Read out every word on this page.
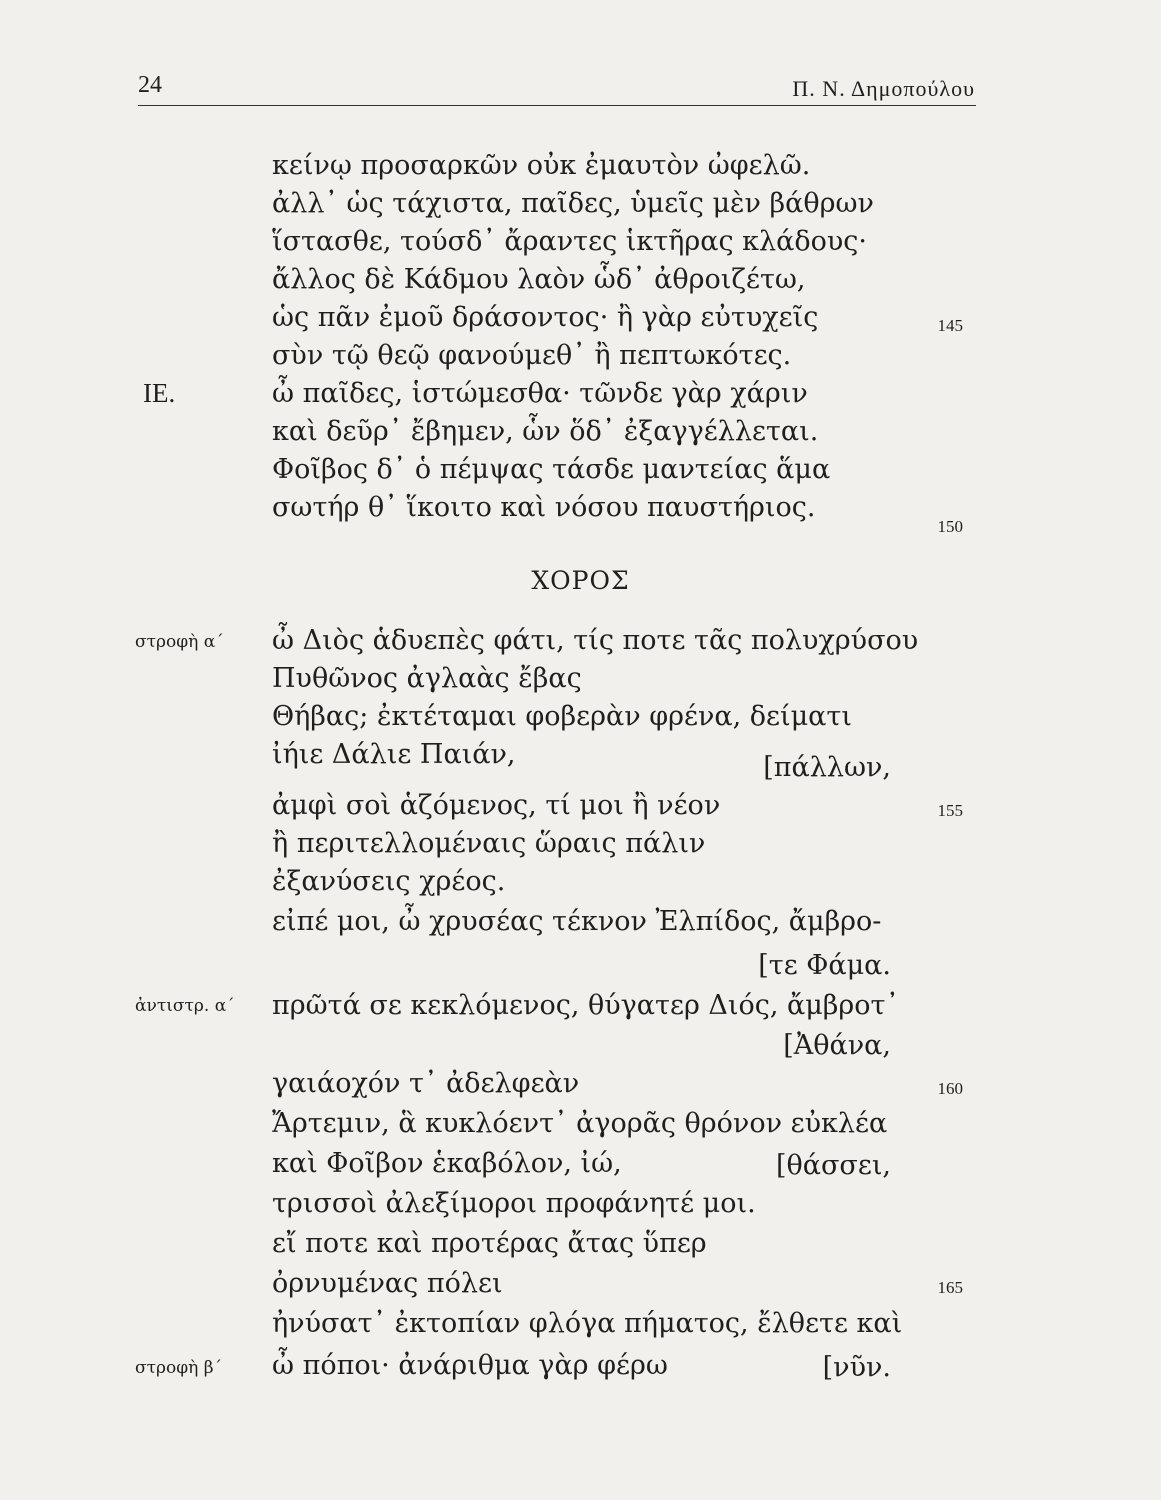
24	Π. Ν. Δημοπούλου
κείνῳ προσαρκῶν οὐκ ἐμαυτὸν ὠφελῶ.
ἀλλ᾽ ὡς τάχιστα, παῖδες, ὑμεῖς μὲν βάθρων
ἵστασθε, τούσδ᾽ ἄραντες ἱκτῆρας κλάδους·
ἄλλος δὲ Κάδμου λαὸν ὧδ᾽ ἀθροιζέτω,
ὡς πᾶν ἐμοῦ δράσοντος· ἢ γὰρ εὐτυχεῖς	145
σὺν τῷ θεῷ φανούμεθ᾽ ἢ πεπτωκότες.
ΙΕ.	ὦ παῖδες, ἱστώμεσθα· τῶνδε γὰρ χάριν
καὶ δεῦρ᾽ ἔβημεν, ὧν ὅδ᾽ ἐξαγγέλλεται.
Φοῖβος δ᾽ ὁ πέμψας τάσδε μαντείας ἅμα
σωτήρ θ᾽ ἵκοιτο καὶ νόσου παυστήριος.
150
ΧΟΡΟΣ
στροφὴ α΄ ὦ Διὸς ἁδυεπὲς φάτι, τίς ποτε τᾶς πολυχρύσου
Πυθῶνος ἀγλαὰς ἔβας
Θήβας; ἐκτέταμαι φοβερὰν φρένα, δείματι
ἰήιε Δάλιε Παιάν,	[πάλλων,
ἀμφὶ σοὶ ἁζόμενος, τί μοι ἢ νέον	155
ἢ περιτελλομέναις ὥραις πάλιν
ἐξανύσεις χρέος.
εἰπέ μοι, ὦ χρυσέας τέκνον Ἐλπίδος, ἄμβρο-
[τε Φάμα.
ἀντιστρ. α΄ πρῶτά σε κεκλόμενος, θύγατερ Διός, ἄμβροτ᾽
[Ἀθάνα,
γαιάοχόν τ᾽ ἀδελφεὰν	160
Ἄρτεμιν, ἃ κυκλόεντ᾽ ἀγορᾶς θρόνον εὐκλέα
καὶ Φοῖβον ἑκαβόλον, ἰώ,	[θάσσει,
τρισσοὶ ἀλεξίμοροι προφάνητέ μοι.
εἴ ποτε καὶ προτέρας ἄτας ὕπερ
ὀρνυμένας πόλει	165
ἠνύσατ᾽ ἐκτοπίαν φλόγα πήματος, ἔλθετε καὶ
στροφὴ β΄ ὦ πόποι· ἀνάριθμα γὰρ φέρω	[νῦν.
